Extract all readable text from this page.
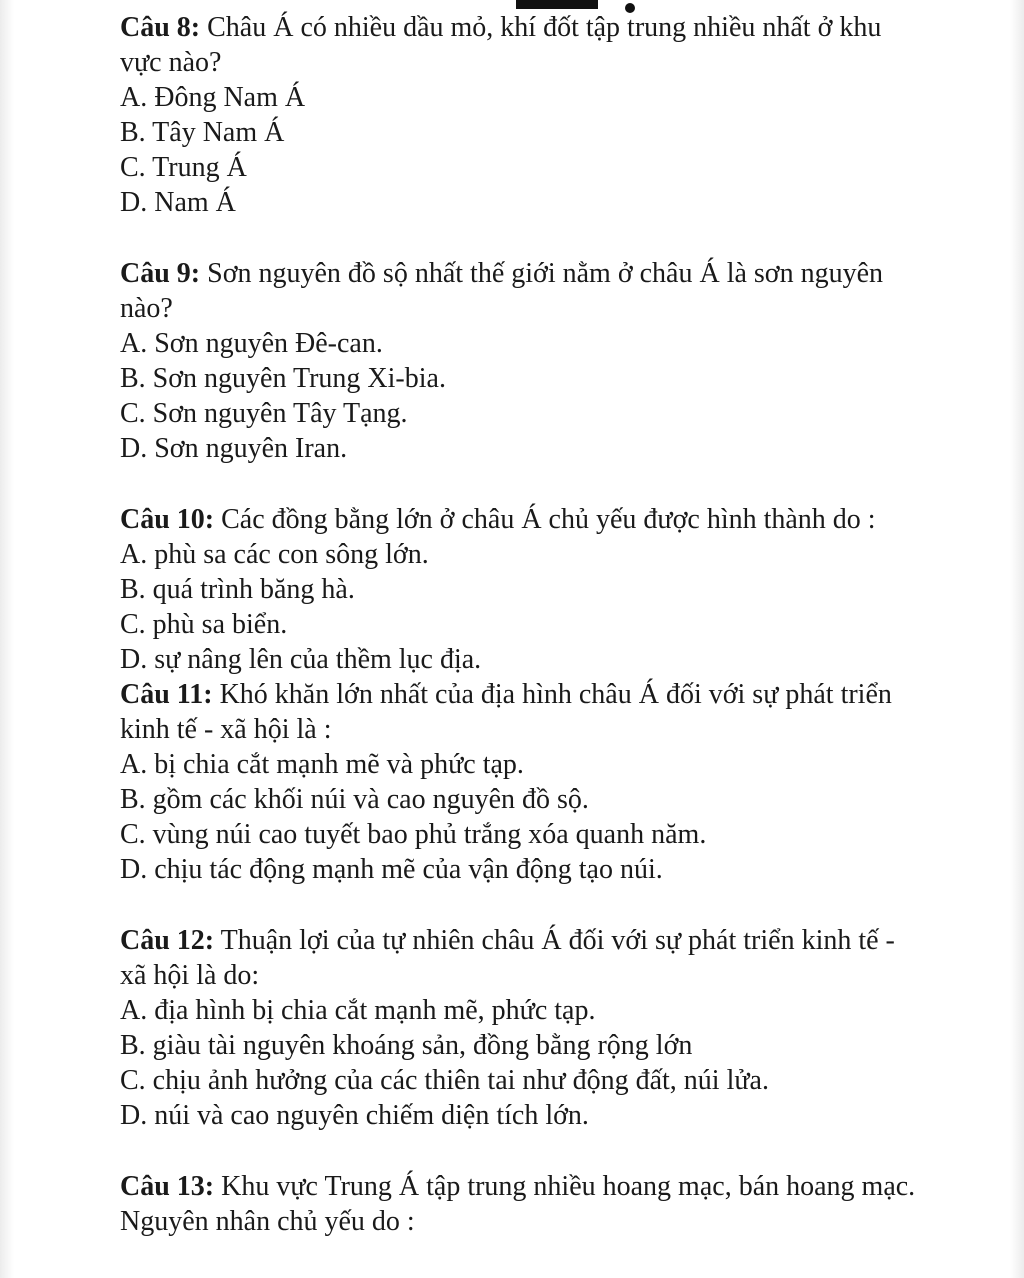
Câu 8: Châu Á có nhiều dầu mỏ, khí đốt tập trung nhiều nhất ở khu vực nào?

A. Đông Nam Á
B. Tây Nam Á
C. Trung Á
D. Nam Á

Câu 9: Sơn nguyên đồ sộ nhất thế giới nằm ở châu Á là sơn nguyên nào?

A. Sơn nguyên Đê-can.
B. Sơn nguyên Trung Xi-bia.
C. Sơn nguyên Tây Tạng.
D. Sơn nguyên Iran.

Câu 10: Các đồng bằng lớn ở châu Á chủ yếu được hình thành do :

A. phù sa các con sông lớn.
B. quá trình băng hà.
C. phù sa biển.
D. sự nâng lên của thềm lục địa.

Câu 11: Khó khăn lớn nhất của địa hình châu Á đối với sự phát triển kinh tế - xã hội là :

A. bị chia cắt mạnh mẽ và phức tạp.
B. gồm các khối núi và cao nguyên đồ sộ.
C. vùng núi cao tuyết bao phủ trắng xóa quanh năm.
D. chịu tác động mạnh mẽ của vận động tạo núi.

Câu 12: Thuận lợi của tự nhiên châu Á đối với sự phát triển kinh tế - xã hội là do:

A. địa hình bị chia cắt mạnh mẽ, phức tạp.
B. giàu tài nguyên khoáng sản, đồng bằng rộng lớn
C. chịu ảnh hưởng của các thiên tai như động đất, núi lửa.
D. núi và cao nguyên chiếm diện tích lớn.

Câu 13: Khu vực Trung Á tập trung nhiều hoang mạc, bán hoang mạc. Nguyên nhân chủ yếu do :
